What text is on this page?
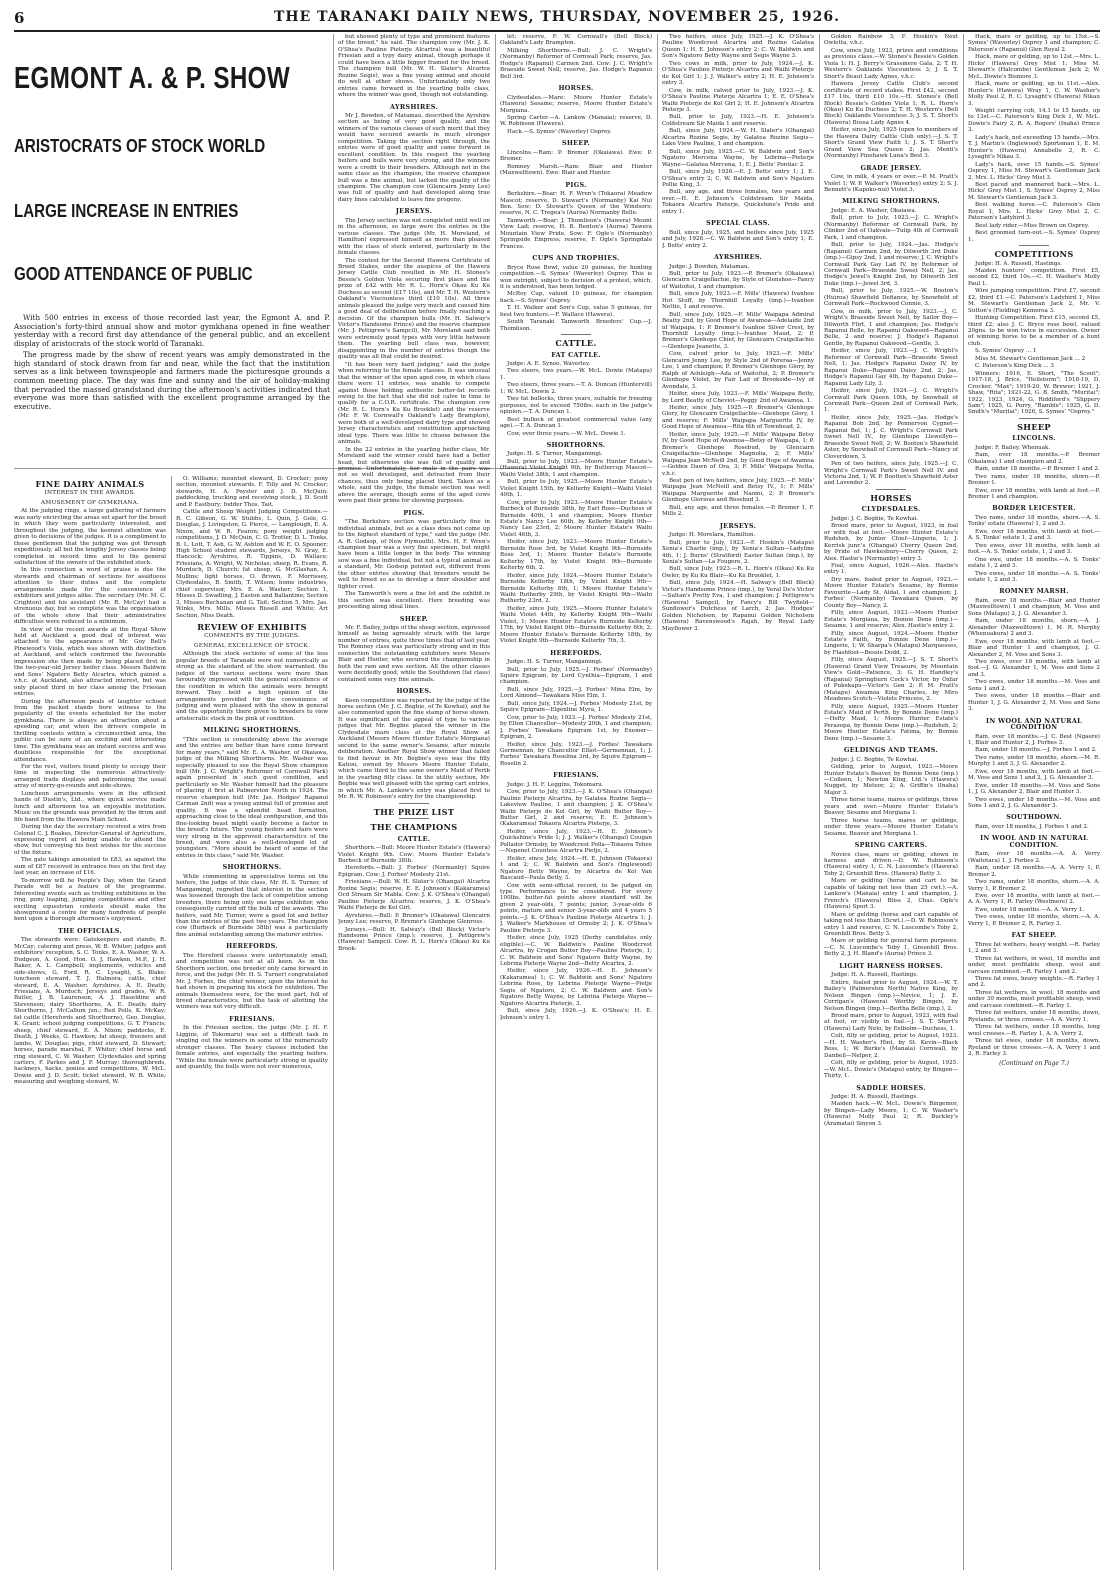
6	THE TARANAKI DAILY NEWS, THURSDAY, NOVEMBER 25, 1926.
EGMONT A. & P. SHOW
ARISTOCRATS OF STOCK WORLD
LARGE INCREASE IN ENTRIES
GOOD ATTENDANCE OF PUBLIC

With 500 entries in excess of those recorded last year, the Egmont A. and P. Association's forty-third annual show and motor gymkhana opened in fine weather yesterday with a record first day attendance of the general public, and an excellent display of aristocrats of the stock world of Taranaki.

The progress made by the show of recent years was amply demonstrated in the high standard of stock drawn from far and near, while the fact that the institution serves as a link between townspeople and farmers made the picturesque grounds a common meeting place. The day was fine and sunny and the air of holiday-making that pervaded the massed grandstand during the afternoon's activities indicated that everyone was more than satisfied with the excellent programme arranged by the executive.

FINE DAIRY ANIMALS
INTEREST IN THE AWARDS.
AMUSEMENT OF GYMKHANA.

At the judging rings, a large gathering of farmers was early encircling the areas set apart for the breed in which they were particularly interested, and throughout the judging, the keenest attention was given to decisions of the judges. It is a compliment to those gentlemen that the judging was got through expeditiously, all but the lengthy Jersey classes being completed in record time and to the general satisfaction of the owners of the exhibited stock.

In this connection a word of praise is due the stewards and chairman of sections for assiduous attention to their duties and the complete arrangements made for the convenience of exhibitors and judges alike. The secretary (Mr. M. C. Crighton) and his assistant (Mr. R. McCay) had a strenuous day, but so complete was the organisation of the whole show that their administrative difficulties were reduced to a minimum.

In view of the recent awards at the Royal Show held at Auckland a good deal of interest was attached to the appearance of Mr. Guy Bell's Pinewood's Viola, which was shown with distinction at Auckland, and which confirmed the favourable impression she then made by being placed first in the two-year-old Jersey heifer class. Messrs Baldwin and Sons' Ngatoro Betty Alcartra, which gained a v.h.c. at Auckland, also attracted interest, but was only placed third in her class among the Friesian entries.

During the afternoon peals of laughter echoed from the packed stands bore witness to the popularity of the events scheduled for the motor gymkhana. There is always an attraction about a speeding car, and when the drivers compete in thrilling contests within a circumscribed area, the public can be sure of an exciting and interesting time. The gymkhana was an instant success and was doubtless responsible for the exceptional attendance.

For the rest, visitors found plenty to occupy their time in inspecting the numerous attractively-arranged trade displays and patronising the usual array of merry-go-rounds and side-shows.

Luncheon arrangements were in the efficient hands of Dustin's, Ltd., where quick service made lunch and afternoon tea an enjoyable institution. Music on the grounds was provided by the drum and fife band from the Hawera Main School.

During the day the secretary received a wire from Colonel C. J. Boakes, Director-General of Agriculture, expressing regret at being unable to attend the show, but conveying his best wishes for the success of the fixture.

The gate takings amounted to £83, as against the sum of £87 received in entrance fees on the first day last year, an increase of £16.

To-morrow will be People's Day, when the Grand Parade will be a feature of the programme. Interesting events such as trotting exhibitions in the ring, pony leaping, jumping competitions and other exciting equestrian contests should make the showground a centre for many hundreds of people bent upon a thorough afternoon's enjoyment.

THE OFFICIALS.

The stewards were: Gatekeepers and stands, R. McCay; catering and press, W. B. Whiter; judges and exhibitors' reception, S. C. Tonks, E. A. Washer, W. A. Dudgeon, A. Good, Hon. O. J. Hawken, M.P., J. H. Baker, A. L. Campbell; implements, vehicles and side-shows, G. Ford, R. C. Lysaght, S. Blake; luncheon steward, T. J. Halmora; cattle, chief steward, E. A. Washer; Ayrshires, A. E. Death; Friesians, A. Murdoch; Jerseys and grades, W. R. Butler, J. B. Laurenson, A. J. Haseldine and Stevenson; dairy Shorthorns, A. E. Death; dairy Shorthorns, J. McCallum jun.; Red Polls, K. McKay; fat cattle (Herefords and Shorthorns), Geo. Douglas, K. Grant; school judging competitions, G. T. Francis; sheep, chief steward, E. A. Nixon; paddocks, E. Death, J. Weeks, G. Hawken; fat sheep, freezers and lambs, W. Douglas; pigs, chief steward, D. Stewart; horses, parade marshal, F. Whiter; chief horse and ring steward, C. W. Washer; Clydesdales and spring carters, F. Parkes and J. P. Murray; thoroughbreds, hackneys, hacks, ponies and competitions, W. McL. Dowie and J. D. Scott; ticket steward, W. B. White; measuring and weighing steward, W.

O. Williams; mounted steward, D. Crocker; pony section, mounted stewards, F. Tilly and N. Crocker; stewards, H. A. Poyster and J. D. McQuin; paddocking, trucking and receiving stock, J. D. Scott and P. Eastbury; fodder Thos. Tait.

Cattle and Sheep Weight Judging Competitions.—R. C. Gibson, G. W. Stubbs, L. Quin, J. Gole, G. Douglas, J. Livingston, G. Pierce, — Lamplough, E. A. Nixon, and W. R. Fearon; pony weight judging competitions, J. D. McQuin, C. G. Trotter, D. L. Tonks, B. L. Lott, T. Ash, G. W. Ashton and W. E. O. Spooner; High School student stewards, Jerseys, N. Gray, E. Hancock; Ayrshires, R. Tippins, D. Wallace; Friesians, A. Wright, W. Nicholas; sheep, R. Evans, R. Murdoch, D. Church; fat sheep, G. McGlashan, A. Mullins; light horses, O. Brown, F. Morrissey, Clydesdales, B. Smith, T. Wilson; home industries, chief supervisor, Mrs. E. A. Washer; Section 1, Misses D. Swadling, J. Easton and Ballantine; Section 3, Misses Buchanan and G. Tait; Section 5, Mrs. Jas. Winks, Mrs. Mills, Misses Bissell and White; Art Section, Miss Death.

REVIEW OF EXHIBITS
COMMENTS BY THE JUDGES.
GENERAL EXCELLENCE OF STOCK.

Although the stock sections of some of the less popular breeds of Taranaki were not numerically as strong as the standard of the show warranted, the judges of the various sections were more than favourably impressed with the general excellence of the condition in which the animals were brought forward. They held a high opinion of the arrangements provided for the convenience of judging and were pleased with the show in general and the opportunity there given to breeders to view aristocratic stock in the pink of condition.

MILKING SHORTHORNS.

"This section is considerably above the average and the entries are better than have come forward for many years," said Mr. E. A. Washer, of Okaiawa, judge of the Milking Shorthorns. Mr. Washer was especially pleased to see the Royal Show champion bull (Mr. J. C. Wright's Reformer of Cornwall Park) again presented in such good condition, and particularly so Mr. Washer himself had the pleasure of placing it first at Palmerston North in 1924. The reserve champion bull (Mr. Jas. Hodges' Rapanui Carman 2nd) was a young animal full of promise and quality. It was a splendid head formation, approaching close to the ideal configuration, and this fine-looking beast might easily become a factor in the breed's future. The young heifers and fairs were very strong in the approved characteristics of the breed, and were also a well-developed lot of youngsters. "More should be heard of some of the entries in this class," said Mr. Washer.

SHORTHORNS.

While commenting in appreciative terms on the heifers, the judge of this class, Mr. H. S. Turner, of Mangamingi, regretted that interest in the section was lessened through the lack of competition among breeders, there being only one large exhibitor, who consequently carried off the bulk of the awards. The heifers, said Mr. Turner, were a good lot and better than the entries of the past two years. The champion cow (Burbeck of Burnside 38th) was a particularly fine animal outstanding among the maturer entries.

HEREFORDS.

The Hereford classes were unfortunately small, and competition was not at all keen. As in the Shorthorn section, one breeder only came forward in force, and the judge (Mr. H. S. Turner) congratulated Mr. J. Forbes, the chief winner, upon the interest he had shown in preparing his stock for exhibition. The animals themselves were, for the most part, full of breed characteristics, but the task of allotting the winners was not very difficult.

FRIESIANS.

In the Friesian section, the judge (Mr. J. H. F. Liggins, of Tokomaru) was set a difficult task in singling out the winners in some of the numerically stronger classes. The heavy classes included the female entries, and especially the yearling heifers. "While the female were particularly strong in quality and quantity, the bulls were not over numerous,

but showed plenty of type and prominent features of the breed," he said. The champion cow (Mr. J. K. O'Shea's Pauline Pieterje Alcartra) was a beautiful Friesian and a typy dairy animal, though perhaps it could have been a little bigger framed for the breed. The champion bull (Mr. W. H. Slater's Alcartra Rozine Segis), was a fine young animal and should do well at other shows. Unfortunately only two entries came forward in the yearling bulls class, where the winner was good, though not outstanding.

AYRSHIRES.

Mr J. Bowden, of Matamau, described the Ayrshire section as being of very good quality, and the winners of the various classes of such merit that they would have secured awards in much stronger competition. Taking the section right through, the entries were of good quality and came forward in excellent condition. In this respect the yearling heifers and bulls were very strong, and the winners were a credit to their breeders. Although not in the same class as the champion, the reserve champion bull was a fine animal, but lacked the quality of the champion. The champion cow (Glencairn Jenny Lee) was full of quality and had developed along true dairy lines calculated to leave fine progeny.

JERSEYS.

The Jersey section was not completed until well on in the afternoon, so large were the entries in the various classes. The judge (Mr. H. Moreland, of Hamilton) expressed himself as more than pleased with the class of stock entered, particularly in the female classes.

The contest for the Second Hawera Certificate of Breed Stakes, under the auspices of the Hawera Jersey Cattle Club resulted in Mr. H. Stones's Bessie's Golden Viola securing first place and the prize of £42 with Mr. R. L. Horn's Okau Ku Ku Duchess as second (£17 10s), and Mr. T. H. Western's Oakland's Viscountess third (£10 10s). All three animals pleased the judge very much and caused him a good deal of deliberation before finally reaching a decision. Of the champion bulls (Mr. H. Salway's Victor's Handsome Prince) and the reserve champion (Mr. J. Pettigrew's Sampcil), Mr. Moreland said both were extremely good types with very little between them. The yearling bull class was, however, disappointing in the number of entries though the quality was all that could be desired.

"It has been very hard judging," said the judge when referring to the female classes. It was unusual that the winner of the open aged cow, in which class there were 11 entries, was unable to compete against those holding authentic butter-fat records owing to the fact that she did not calve in time to qualify for a C.O.R. certificate. The champion cow (Mr. R. L. Horn's Ku Ku Brooklet) and the reserve (Mr. F. W. Cornwall's Oakland's Lady Brampton), were both of a well-developed dairy type and showed Jersey characteristics and constitution approaching ideal type. There was little to choose between the animals.

In the 22 entries in the yearling heifer class, Mr. Moreland said the winner could have had a better head, but otherwise she was full of quality and promise. Unfortunately, her mate in the pairs was not so well developed, and detracted from their chances, thus only being placed third. Taken as a whole, said the judge, the female section was well above the average, though some of the aged cows were past their prime for showing purposes.

PIGS.

"The Berkshire section was particularly fine in individual animals, but as a class does not come up to the highest standard of type," said the judge (Mr. A. R. Godsop, of New Plymouth). Mrs. H. F. Wren's champion boar was a very fine specimen, but might have been a little longer in the body. The winning sow was a fine individual, but not a typical animal as a standard, Mr. Godsop pointed out, different from the other entries showing that breeders would be well to breed so as to develop a finer shoulder and lighter crest.

The Tamworth's were a fine lot and the exhibit in this section was excellent. Here breeding was proceeding along ideal lines.

SHEEP.

Mr. F. Bailey, judge of the sheep section, expressed himself as being agreeably struck with the large number of entries, quite three times that of last year. The Romney class was particularly strong and in this connection the outstanding exhibitors were Messrs Blair and Hunter, who secured the championship in both the ram and ewe section. All the other classes were decidedly good, while the Southdown (fat class) contained some very fine animals.

HORSES.

Keen competition was reported by the judge of the horse section (Mr. J. C. Begbie, of Te Kowhai), and he also commented upon the fine stamp of horse shown. It was significant of the appeal of type to various judges that Mr. Begbie placed the winner in the Clydesdale mare class at the Royal Show at Auckland (Messrs Moore Hunter Estate's Morgiana) second to the same owner's Sesame, after minute deliberation. Another Royal Show winner that failed to find favour in Mr. Begbie's eyes was the filly Katiou, owned by Messrs Moore Hunter Estate, which came third to the same owner's Maid of Perth in the yearling filly class. In the utility section, Mr. Begbie was well pleased with the spring cart entries, in which Mr. A. Lankow's entry was placed first to Mr. R. W. Robinson's entry for the championship.

THE PRIZE LIST
THE CHAMPIONS
CATTLE.

Shorthorn.—Bull: Moore Hunter Estate's (Hawera) Violet Knight 9th. Cow: Moore Hunter Estate's Burbeck of Burnside 38th.

Herefords.—Bull: J. Forbes' (Normanby) Squire Epigram. Cow: J. Forbes' Modesty 21st.

Friesians.—Bull: W. H. Slater's (Ohangai) Alcartra Rozine Segis; reserve, E. E. Johnson's (Kakaramea) Ocd Stream Sir Mabla. Cow: J. K. O'Shea's (Ohangai) Pauline Pieterje Alcartra; reserve, J. K. O'Shea's Waihi Pieterje de Kol Girl.

Ayrshires.—Bull: P. Bremer's (Okaiawa) Glencairn Jenny Lee; reserve, P. Bremer's Glenhope Glenross.

Jerseys.—Bull: H. Salway's (Bell Block) Victor's Handsome Prince (imp.); reserve, J. Pettigrew's (Hawera) Sampcil. Cow: R. L. Horn's (Okau) Ku Ku Brook-

let; reserve, F. W. Cornwall's (Bell Block) Oakland's Lady Brampton.

Milking Shorthorns.—Bull: J. C. Wright's (Normanby) Reformer of Cornwall Park; reserve, Jas. Hodge's (Rapanui) Carmen 2nd. Cow: J. C. Wright's Braeside Sweet Nell; reserve, Jas. Hodge's Rapanui Bell 3rd.

HORSES.

Clydesdales.—Mare: Moore Hunter Estate's (Hawera) Sesame; reserve, Moore Hunter Estate's Morgiana.

Spring Carter.—A. Lankow (Manaia); reserve, D. W. Robinson (Hawera).

Hack.—S. Symes' (Waverley) Osprey.

SHEEP.

Lincolns.—Ram: P. Bremer (Okaiawa). Ewe: P. Bremer.

Romney Marsh.—Ram: Blair and Hunter (Maxwelltown). Ewe: Blair and Hunter.

PIGS.

Berkshire.—Boar: H. F. Wren's (Tokaora) Meadow Mascot; reserve, D. Stewart's (Normanby) Kai Nui Ben. Sow: D. Stewart's Queen of the Windsors; reserve, N. C. Tregea's (Auroa) Normanby Belle.

Tamworth.—Boar: J. Thomlison's (Hawera) Mount View Lad; reserve, H. B. Benton's (Auroa) Tawera Mountain View Pride. Sow: F. Ogle's (Normanby) Springside Empress; reserve, F. Ogle's Springdale Frances.

CUPS AND TROPHIES.

Bryce Rose Bowl, value 20 guineas, for hunting competition.—S. Symes' (Waverley) Osprey. This is won outright, subject to decision of a protest, which, it is understood, has been lodged.

McRoy Cup, valued 10 guineas, for champion hack.—S. Symes' Osprey.

T. H. Walker and Son's Cup, value 5 guineas, for best two hunters.—F. Wallace (Hawera).

South Taranaki Tamworth Breeders' Cup.—J. Thomlison.

CATTLE.
FAT CATTLE.

Judge: A. E. Synoo, Waverley.

Two steers, two years.—W. McL. Dowie (Matapu) 1.

Two steers, three years.—T. A. Duncan (Huntervill) 1; W. McL. Dowie 2.

Two fat bullocks, three years, suitable for freezing purposes, not to exceed 750lbs. each in the judge's opinion.—T. A. Duncan 1.

Best bullock of greatest commercial value (any age).—T. A. Duncan 1.

Cow, over three years.—W. McL. Dowie 1.

SHORTHORNS.

Judge: H. S. Turner, Mangamingi.

Bull, prior to July, 1923.—Moore Hunter Estate's (Hawera) Violet Knight 9th, by Buttercup Mascot—Waihi Violet 38th, 1 and champion.

Bull, prior to July, 1925.—Moore Hunter Estate's Violet Knight 15th, by Kelterby Knight—Waihi Violet 40th, 1.

Cow, prior to July, 1923.—Moore Hunter Estate's Burbeck of Burnside 38th, by Earl Ross—Duchess of Burnside 40th, 1 and champion; Moore Hunter Estate's Nancy Lee 60th, by Kellerby Knight 9th—Nancy Lee 23rd, 2; Moore Hunter Estate's Waihi Violet 46th, 3.

Heifer, since July, 1923.—Moore Hunter Estate's Burnside Rose 3rd, by Violet Knight 9th—Burnside Rose 3rd, 1; Moore Hunter Estate's Burnside Kelterby 17th, by Violet Knight 9th—Burnside Kelterby 6th, 2.

Heifer, since July, 1924.—Moore Hunter Estate's Burnside Kelterby 18th, by Violet Knight 9th—Burnside Kelterby 8th, 1; Moore Hunter Estate's Waihi Rutherby 29th, by Violet Knight 9th—Waihi Rutherby 23rd, 2.

Heifer, since July, 1925.—Moore Hunter Estate's Waihi Violet 44th, by Kellerby Knight 9th—Waihi Violet, 1; Moore Hunter Estate's Burnside Kelterby 17th, by Violet Knight 9th—Burnside Kelterby 6th, 2; Moore Hunter Estate's Burnside Kelterby 18th, by Violet Knight 9th—Burnside Kelterby 7th, 3.

HEREFORDS.

Judge: H. S. Turner, Mangamingi.

Bull, prior to July, 1925.—J. Forbes' (Normanby) Squire Epigram, by Lord Cynthia—Epigram, 1 and champion.

Bull, since July, 1925.—J. Forbes' Mina Elm, by Lord Almond—Tawakara Miss Elm, 1.

Bull, since July, 1924.—J. Forbes' Modesty 21st, by Squire Epigram—Elgenline Myra, 1.

Cow, prior to July, 1923.—J. Forbes' Modesty 21st, by Elton Chancellor—Modesty 20th, 1 and champion; J. Forbes' Tawakara Epigram 1st, by Exemer—Epigram, 2.

Heifer, since July, 1923.—J. Forbes' Tawakara Germennan, by Chancellor Elliot—Germennan, 1; J. Forbes' Tawakara Roselina 3rd, by Squire Epigram—Roselin 2.

FRIESIANS.

Judge: J. H. F. Leggins, Tokomaru.

Cow, prior to July, 1923.—J. K. O'Shea's (Ohangai) Pauline Pieterje Alcartra, by Galatea Rozine Segis—Lakeview Pauline, 1 and champion; J. K. O'Shea's Waihi Pieterje de Kol Girl, by Waihi Butter Boy—Butter Girl, 2 and reserve; E. E. Johnson's (Kakaramea) Tokaora Alcartra Pieterje, 3.

Heifer, since July, 1923.—H. E. Johnson's Quickshine's Pride 1; J. J. Walker's (Ohangai) Cougan Pollador Ormsby, by Woodcrest Polla—Tokaora Tehee—Nepenet Countess Alcartra Pietje, 2.

Heifer, since July, 1924.—H. E. Johnson (Tokaora) 1 and 2; C. W. Baldwin and Son's (Inglewood) Ngatoro Betty Wayne, by Alcartra de Kol Van Bascaud—Paula Betty, 3.

Cow with semi-official record, to be judged on type. Performance to be considered. For every 100lbs. butter-fat points above standard will be given 2 year-olds, 7 points; junior, 3-year-olds 6 points, mature and senior 3-year-olds and 4 years 5 points.—J. K. O'Shea's Pauline Pieterje Alcartra 1; J. J. Walker's Markhouse of Ormsby 2; J. K. O'Shea's Pauline Pieterje 3.

Heifer, since July, 1925 (Derby candidates only eligible).—C. W. Baldwin's Pauline Woodcrest Alcartra, by Crogan Butter Boy—Pauline Pieterje, 1; C. W. Baldwin and Sons' Ngatoro Betty Wayne, by Lebrina Pieterje Wayne 2nd—Betty Alcartra, 2.

Heifer, since July, 1926.—H. E. Johnson's (Kakaramea) 1; C. W. Baldwin and Sons' Ngatoro Lebrina Rose, by Lebrina Pieterje Wayne—Pietje Segis of Ngatoro, 2; C. W. Baldwin and Son's Ngatoro Betty Wayne, by Lebrina Pieterje Wayne—Ngatoro Alcartra Pieterje, 3.

Bull, since July, 1926.—J. K. O'Shea's; H. E. Johnson's entry 1.

Two heifers, since July, 1925.—J. K. O'Shea's Pauline Woodcrest Alcartra and Rozine Galatea Queen 1; H. E. Johnson's entry 2; C. W. Baldwin and Son's Ngatoro Betty Wayne and Segis Wayne 3.

Two cows in milk, prior to July, 1924.—J. K. O'Shea's Pauline Pieterje Alcartra and Waihi Pieterje de Kol Girl 1; J. J. Walker's entry 2; H. E. Johnson's entry 3.

Cow, in milk, calved prior to July, 1923.—J. K. O'Shea's Pauline Pieterje Alcartra 1; E. E. O'Shea's Waihi Pieterje de Kol Girl 2; H. E. Johnson's Alcartra Pieterje 3.

Bull, prior to July, 1923.—H. E. Johnson's Coldstream Sir Maida 1 and reserve.

Bull, since July, 1924.—W. H. Slater's (Ohangai) Alcartra Rozine Segis, by Galatea Rozine Segis—Lake View Pauline, 1 and champion.

Bull, since July, 1925.—C. W. Baldwin and Son's Ngatoro Mercena Wayne, by Lebrina—Pieterje Wayne—Galatea Mercena, 1; E. J. Betts' Pontiac 2.

Bull, since July, 1926.—E. J. Betts' entry 1; J. E. O'Shea's entry 2; C. W. Baldwin and Son's Ngatoro Pollie King, 3.

Bull, any age, and three females, two years and over.—H. E. Johnson's Coldstream Sir Maida, Tokaora Alcartra Pieterje, Quickshine's Pride and entry 1.

SPECIAL CLASS.

Bull, since July, 1925, and heifers since July, 1925 and July, 1926.—C. W. Baldwin and Son's entry 1; E. J. Betts' entry 2.

AYRSHIRES.

Judge: J. Bowden, Matamau.

Bull, prior to July, 1923.—P. Bremer's (Okaiawa) Glencairn Craigellachie, by Style of Glenshoe—Fancy of Waitoitoi, 1 and champion.

Bull, since July, 1923.—F. Mills' (Hawera) Ivanhoe Hot Stuff, by Thornhill Loyalty (imp.)—Ivanhoe Nettie, 1 and reserve.

Bull, since July, 1925.—F. Mills' Waipapa Admiral Beatty 2nd, by Good Hope of Awamoa—Adelaide 2nd of Waipapa, 1; P. Bremer's Ivanhoe Silver Crest, by Thornhill Loyalty (imp.)—Ivanhoe Maud, 2; P. Bremer's Glenhope Chief, by Glencairn Craigellachie—Glenhope Jeanette, 3.

Cow, calved prior to July, 1923.—F. Mills' Glencairn Jenny Lee, by Style 2nd of Poreraa—Jenny Lee, 1 and champion; P. Bremer's Glenhope Glory, by Ralph of Ashleigh—Ada of Waitoitoi, 2; P. Bremer's Glenhope Violet, by Fair Lad of Brookside—Ivy of Avondale, 3.

Heifer, since July, 1923.—F. Mills' Waipapa Betty, by Lord Beatty of Cheviot—Peggy 2nd of Awamoa, 1.

Heifer, since July, 1925.—P. Bremer's Glenhope Glory, by Glencairn Craigellachie—Glenhope Glory, 1 and reserve; F. Mills' Waipapa Marguerite IV, by Good Hope of Awamoa—Rita 6th of Townhead, 2.

Heifer, since July, 1925.—F. Mills' Waipapa Betsy IV, by Good Hope of Awamoa—Betsy of Waipapa, 1; P. Bremer's Glenhope Rosebud, by Glencairn Craigellachie—Glenhope Magnolia, 2; F. Mills' Waipapa Jean McNeill 2nd, by Good Hope of Awamoa—Golden Dawn of Ora, 3; F. Mills' Waipapa Netta, v.h.c.

Best pen of two heifers, since July, 1925.—F. Mills' Waipapa Jean McNeill and Betsy IV., 1; F. Mills' Waipapa Marguerite and Naomi, 2; P. Bremer's Glenhope Glorious and Rosebud 3.

Bull, any age, and three females.—P. Bremer 1, F. Mills 2.

JERSEYS.

Judge: H. Morelara, Hamilton.

Bull, prior to July, 1923.—F. Hoskin's (Matapu) Xenia's Charlie (imp.), by Xenia's Sultan—Ladyline 4th, 1; J. Burns' (Stratford) Easter Sultan (imp.), by Xenia's Sultan—La Fougere, 2.

Bull, since July, 1923.—R. L. Horn's (Okau) Ku Ku Owler, by Ku Ku Blair—Ku Ku Brooklet, 1.

Bull, since July, 1924.—H. Salway's (Bell Block) Victor's Handsome Prince (imp.), by Veral De's Victor—Sultan's Pretty Eva, 1 and champion; J. Pettigrew's (Hawera) Sampcil, by Fancy's Bill Twyfield—Sunflower's Dutchess of Larch, 2; Jas. Hodges' Golden Nicholson, by Rapanui Golden Nicholson (Hawera) Ravenswood's Rajah, by Royal Lady Mayflower 3.

Golden Rainbow 3; F. Hoskin's Next Owletta, v.h.c.

Cow, since July, 1923, prizes and conditions as previous class.—W. Stones's Bessie's Golden Viola 1; H. J. Berry's Grassmere Gala, 2; T. H. Western's Oaklands Viscountess 3; J. S. T. Short's Beaut Lady Agnes, v.h.c.

Hawera Jersey Cattle Club's second certificate of record stakes. First £42, second £17 10s, third £10 10s.—H. Stones's (Bell Block) Bessie's Golden Viola 1; R. L. Horn's (Okau) Ku Ku Duchess 2; T. H. Western's (Bell Block) Oaklands Viscountess 3; J. S. T. Short's (Hawera) Bossa Lady Agnes 4.

Heifer, since July, 1925 (open to members of the Hawera Dairy Cattle Club only).—J. S. T. Short's Grand View Faith 1; J. S. T. Short's Grand View Sea Queen 2; Jas. Menti's (Normanby) Pinehawk Luna's Best 3.

GRADE JERSEY.

Cow, in milk, 4 years or over.—P. M. Pratt's Violet 1; W. P. Walker's (Waverley) entry 2; S. J. Bennett's (Kapoko-nui) Violet 3.

MILKING SHORTHORNS.

Judge: E. A. Washer, Okaiawa.

Bull, prior to July, 1923.—J. C. Wright's (Normanby) Reformer of Cornwall Park, by Clinker 2nd of Oakvale—Tulip 4th of Cornwall Park, 1 and champion.

Bull, prior to July, 1924.—Jas. Hodge's (Rapanui) Carmen 2nd, by Dilworth 3rd Duke (imp.)—Gipsy 2nd, 1 and reserve; J. C. Wright's Cornwall Park Gay Lad IV, by Reformer of Cornwall Park—Braeside Sweet Nell, 2; Jas. Hodge's Jewel's Knight 2nd, by Dilworth 3rd Duke (imp.)—Jewel 3rd, 3.

Bull, prior to July, 1925.—W. Booton's (Huiroa) Shawfield Defiance, by Snowfield of Cornwall Park—Rockwood Connie, 3.

Cow, in milk, prior to July, 1923.—J. C. Wright's Braeside Sweet Nell, by Sailor Boy—Dilworth Flirt, 1 and champion; Jas. Hodge's Rapanui Belle, by Rapanui Oakwood—Rapanui Belle, 2 and reserve; J. Hodge's Rapanui Gentle, by Rapanui Oakwood—Gentle, 3.

Heifer, since July, 1923.—J. C. Wright's Reformer of Cornwall Park—Braeside Sweet Nell, 1; Jas. Hodge's Rapanui Daisy IV, by Rapanui Duke—Rapanui Daisy 2nd, 2; Jas. Hodge's Rapanui Gay 4th, by Rapanui Duke—Rapanui Lady Lily, 3.

Heifer, since July, 1924.—J. C. Wright's Cornwall Park Queen 10th, by Snowball of Cornwall Park—Queen 2nd of Cornwall Park, 1.

Heifer, since July, 1925.—Jas. Hodge's Rapanui Bob 2nd, by Pennervon Cygnet—Rapanui Bel, 1; J. C. Wright's Cornwall Park Sweet Nell IV., by Glenhope Llewellyn—Braeside Sweet Nell, 2; W. Booton's Shawfield Aster, by Snowball of Cornwall Park—Nancy of Cloverdown, 3.

Pen of two heifers, since July, 1925.—J. C. Wright's Cornwall Park's Sweet Nell IV. and Victoria 2nd, 1; W. P. Bootten's Shawfield Aster and Lavender 2.

HORSES
CLYDESDALES.

Judge: J. C. Begbie, Te Kowhai.

Brood mare, prior to August, 1923, in foal or with foal at foot.—Moore Hunter Estate's Rudsheh, by Junior Chief—Lingerie, 1; J. Kerrisk junr.'s (Ohangai) Cherry Queen 2nd, by Pride of Hawkesbury—Cherry Queen, 2; Alex. Hastie's (Normanby) entry 3.

Foal, since August, 1926.—Alex. Hastie's entry 1.

Dry mare, foaled prior to August, 1923.—Moore Hunter Estate's Sesame, by Bonnie Favourite—Lady St. Aldal, 1 and champion; J. Forbes' (Normanby) Tawakara Queen, by County Boy—Nancy, 2.

Filly, since August, 1923.—Moore Hunter Estate's Morgiana, by Bonnie Dene (imp.)—Sesame, 1 and reserve; Alex. Hastie's entry 2.

Filly, since August, 1924.—Moore Hunter Estate's Faith, by Bonnie Dene (imp.)—Lingerie, 1; W. Sharpa's (Matapu) Marquesses, by Flashfoot—Bessie Dodd, 2.

Filly, since August, 1925.—J. S. T. Short's (Hawera) Grand View Treasure, by Mountain View's Gold—Patience, 3; G. H. Handley's (Rapanui) Springburn Cock's Victor, by Oxfar of Pukekapu—Victor's Gen 2; P. M. Pratt's (Matapu) Awamoa King Charles, by Miro Meadows Scotch—Violets Princess, 2.

Filly, since August, 1925.—Moore Hunter Estate's Maid of Perth, by Bonnie Dene (imp.)—Hefty Maid, 1; Moore Hunter Estate's Perazopa, by Bonnie Dene (imp.)—Rudsheh, 2; Moore Hunter Estate's Fatima, by Bonnie Dene (imp.)—Sesame 3.

GELDINGS AND TEAMS.

Judge: J. C. Begbie, Te Kowhai.

Gelding, prior to August, 1923.—Moore Hunter Estate's Beaver, by Bonnie Dene (imp.)—Colleen, 1; Newton King, Ltd.'s (Hawera) Nugget, by Meteor, 2; A. Griffin's (Inaha) Major 3.

Three horse teams, mares or geldings, three years and over.—Moore Hunter Estate's Beaver, Sesame and Morgiana 1.

Three horse teams, mares or geldings, under three years.—Moore Hunter Estate's Sesame, Beaver and Morgiana 1.

SPRING CARTERS.

Novice class, mare or gelding, shown in harness and driven.—D. W. Robinson's (Hawera) entry 1; C. N. Luscombe's (Hawera) Toby 2; Greenhill Bros. (Hawera) Betty 3.

Mare or gelding (horse and cart to be capable of taking not less than 25 cwt.).—A. Lankow's (Manaia) entry 1 and champion, J. French's (Hawera) Bliss 2, Chas. Ogle's (Hawera) Sport 3.

Mare or gelding (horse and cart capable of taking not less than 15cwt.).—D. W. Robinson's entry 1 and reserve, C. N. Luscombe's Toby 2, Greenhill Bros. Betty 3.

Mare or gelding for general farm purposes.—C. N. Luscombe's Toby 1, Greenhill Bros. Betty 2, J. H. Bland's (Auroa) Prince 3.

LIGHT HARNESS HORSES.

Judge: H. A. Russell, Hastings.

Entire, foaled prior to August, 1924.—W. T. Bailey's (Palmerston North) Native King, by Nelson Bingen (imp.)—Novice, 1; J. E. Corrigan's (Hawera) Worthy Bingen, by Nelson Bingen (imp.)—Bertha Belle (imp.), 2.

Brood mare, prior to August, 1923, with foal at foot, or visibly in foal.—J. S. T. Short's (Hawera) Lady Nelo, by Eelbolm—Duchess, 1.

Colt, filly or gelding, prior to August, 1923.—H. H. Washer's Hint, by St. Kevin—Black Bess, 1; W. Burke's (Manaia) Cornwall, by Danbell—Nelper, 2.

Colt, filly or gelding, prior to August, 1925.—W. McL. Dowie's (Matapu) entry, by Bingen—Thirty, 1.

SADDLE HORSES.

Judge: H. A. Russell, Hastings.

Maiden hack.—W. McL. Dowie's Bingemor, by Bingen—Lady Moore, 1; C. W. Washer's (Hawera) Molly Paul 2; R. Buckley's (Aramatai) Sinyon 3.

Hack, mare or gelding, up to 15st.—S. Symes' (Waverley) Osprey 1 and champion; C. Paterson's (Rapanui) Glen Royal 2.

Hack, mare or gelding, up to 12st.—Mrs. L. Hicks' (Hawera) Grey Mist 1; Miss M. Stewart's (Halcombe) Gentleman Jack 2; W. McL. Dowie's Bismore 3.

Hack, mare or gelding, up to 11st.—Alex. Hunter's (Hawera) Wray 1, C. W. Washer's Molly Paul 2, R. C. Lysaght's (Hawera) Nikau 3.

Weight carrying cob, 14.1 to 15 hands, up to 13st.—C. Paterson's King Dick 1, W. McL. Dowie's Fairy 2, R. A. Rogers' (Inaha) Prince 3.

Lady's hack, not exceeding 15 hands.—Mrs. T. J. Martin's (Inglewood) Sportsman 1, E. M. Hunter's (Hawera) Annabelle 2, R. C. Lysaght's Nikau 3.

Lady's hack, over 15 hands.—S. Symes' Osprey 1, Miss M. Stewart's Gentleman Jack 2, Mrs. L. Hicks' Grey Mist 3.

Best paced and mannered hack.—Mrs. L. Hicks' Grey Mist 1, S. Symes' Osprey 2, Miss M. Stewart's Gentleman Jack 3.

Best walking horse.—C. Paterson's Glen Royal 1, Mrs. L. Hicks' Grey Mist 2, C. Paterson's Ladybird 3.

Best lady rider.—Miss Brown on Osprey.

Best groomed turn-out.—S. Symes' Osprey 1.

COMPETITIONS

Judge: H. A. Russell, Hastings.

Maiden hunters' competition. First £5, second £2, third 10s.—C. H. Washer's Molly Paul 1.

Wire jumping competition. First £7, second £2, third £1.—C. Paterson's Ladybird 1, Miss M. Stewart's Gentleman Jack 2, Mr. V. Sutton's (Fielding) Kemeroa 3.

Hunting Competition. First £15, second £5, third £2; also J. C. Bryce rose bowl, valued 20gns. to be won twice in succession. Owner of winning horse to be a member of a hunt club.

S. Symes' Osprey ... 1

Miss M. Stewart's Gentleman Jack ... 2

C. Paterson's King Dick ... 3

Winners: 1916, E. Short, "The Scout"; 1917-18, J. Brice, "Heilstorm"; 1918-19, D. Crocker, "Max"; 1919-20, W. Brewer; 1921, J. Shaw, "Rita"; 1921-22, G. B. Smith, "Muritai"; 1922, 1923, 1924, G. Riddiford's "Slippery Sam"; 1925, G. Perry, "Ramble"; 1925, G. D. Smith's "Muritai"; 1926, S. Symes' "Osprey."

SHEEP
LINCOLNS.

Judge: F. Bailey, Whenuak.

Ram, over 18 months.—P. Bremer (Okaiawa) 1 and champion and 2.

Ram, under 18 months.—P. Bremer 1 and 2.

Two rams, under 18 months, shorn.—P. Bremer 1.

Ewe, over 18 months, with lamb at foot.—P. Bremer 1 and champion.

BORDER LEICESTER.

Two rams, under 18 months, shorn.—A. S. Tonks' estate (Hawera) 1, 2 and 3.

Ewe, over 18 months, with lamb at foot.—A. S. Tonks' estate 1, 2 and 3.

Two ewes, over 18 months, with lamb at foot.—A. S. Tonks' estate, 1, 2 and 3.

One ewe, under 18 months.—A. S. Tonks' estate 1, 2 and 3.

Two ewes, under 18 months.—A. S. Tonks' estate 1, 2 and 3.

ROMNEY MARSH.

Ram, over 18 months.—Blair and Hunter (Maxwelltown) 1 and champion, M. Voss and Sons (Matapu) 2, J. G. Alexander 3.

Ram, under 18 months, shorn.—A. J. Alexander (Maxwelltown) 1, M. R. Murphy (Whenuakura) 2 and 3.

Ewe, over 18 months, with lamb at foot.—Blair and Hunter 1 and champion, J. G. Alexander 2, M. Voss and Sons 3.

Two ewes, over 18 months, with lamb at foot.—J. G. Alexander 1, M. Voss and Sons 2 and 3.

Two ewes, under 18 months.—M. Voss and Sons 1 and 2.

Two ewes, under 18 months.—Blair and Hunter 1, J. G. Alexander 2, M. Voss and Sons 3.

IN WOOL AND NATURAL CONDITION

Ram, over 18 months.—J. C. Best (Ngaere) 1, Blair and Hunter 2, J. Forbes 3.

Ram, under 18 months.—J. Forbes 1 and 2.

Two rams, under 18 months, shorn.—M. R. Murphy 1 and 3, J. G. Alexander 2.

Ewe, over 18 months, with lamb at foot.—M. Voss and Sons 1 and 2, J. G. Alexander 3.

Ewe, under 18 months.—M. Voss and Sons 1, J. G. Alexander 2, Blair and Hunter 3.

Two ewes, under 18 months.—M. Voss and Sons 1 and 2, J. G. Alexander 3.

SOUTHDOWN.

Ram, over 18 months, J. Forbes 1 and 2.

IN WOOL AND IN NATURAL CONDITION.

Ram, over 18 months.—A. A. Verry (Waitotara) 1, J. Forbes 2.

Ram, under 18 months.—A. A. Verry 1, P. Bremer 2.

Two rams, under 18 months, shorn.—A. A. Verry 1, P. Bremer 2.

Ewe, over 18 months, with lamb at foot.—A. A. Verry 1, R. Farley (Westmere) 2.

Ewe, under 18 months.—A. A. Verry 1.

Two ewes, under 18 months, shorn.—A. A. Verry 1, P. Bremer 2, R. Farley 3.

FAT SHEEP.

Three fat wethers, heavy weight.—R. Farley 1, 2 and 3.

Three fat wethers, in wool, 18 months and under, most profitable sheep, wool and carcase combined.—R. Farley 1 and 2.

Three fat ewes, heavy weights.—R. Farley 1 and 2.

Three fat wethers, in wool, 18 months and under 30 months, most profitable sheep, wool and carcase combined.—R. Farley 1.

Three fat wethers, under 18 months, down, Ryelands, or three crosses.—A. A. Verry 1.

Three fat wethers, under 18 months, long wool crosses.—R. Farley 1, A. A. Verry 2.

Three fat ewes, under 18 months, down, Ryeland or three crosses.—A. A. Verry 1 and 2, R. Farley 3.

(Continued on Page 7.)
